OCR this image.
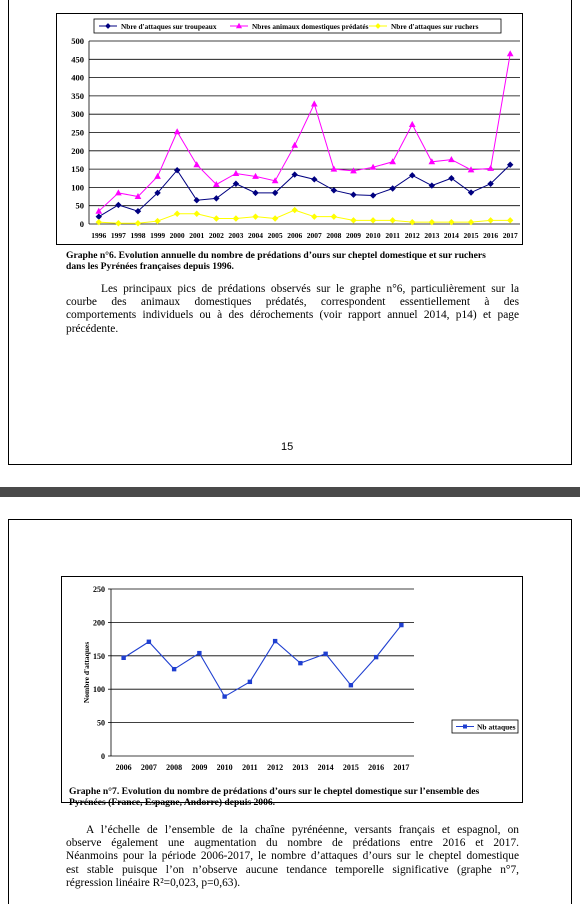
0
50
100
150
200
250
300
350
400
450
500
1996 1997 1998 1999 2000 2001 2002 2003 2004 2005 2006 2007 2008 2009 2010 2011 2012 2013 2014 2015 2016 2017
Nbre d'attaques sur troupeaux	Nbres animaux domestiques prédatés	Nbre d'attaques sur ruchers
Graphe n°6. Evolution annuelle du nombre de prédations d’ours sur cheptel domestique et sur ruchers
dans les Pyrénées françaises depuis 1996.
Les principaux pics de prédations observés sur le graphe n°6, particulièrement sur la
courbe des animaux domestiques prédatés, correspondent essentiellement à des
comportements individuels ou à des dérochements (voir rapport annuel 2014, p14) et page
précédente.
15
0
50
100
150
200
250
2006 2007 2008 2009 2010 2011 2012 2013 2014 2015 2016 2017
Nombre d'attaques
Nb attaques
Graphe n°7. Evolution du nombre de prédations d’ours sur le cheptel domestique sur l’ensemble des
Pyrénées (France, Espagne, Andorre) depuis 2006.
A l’échelle de l’ensemble de la chaîne pyrénéenne, versants français et espagnol, on
observe également une augmentation du nombre de prédations entre 2016 et 2017.
Néanmoins pour la période 2006-2017, le nombre d’attaques d’ours sur le cheptel domestique
est stable puisque l’on n’observe aucune tendance temporelle significative (graphe n°7,
régression linéaire R²=0,023, p=0,63).
